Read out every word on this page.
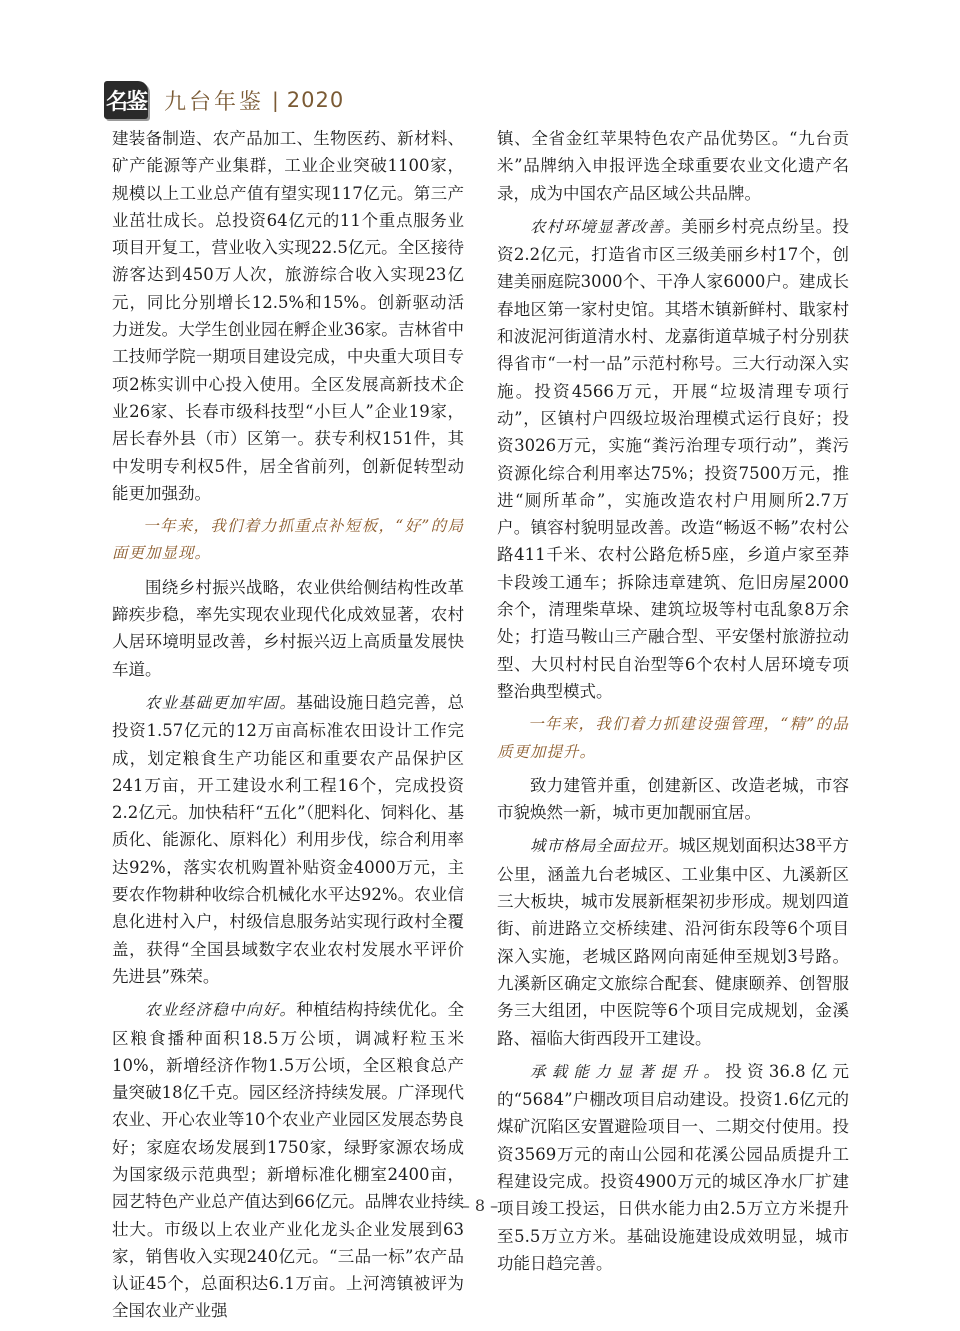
名鉴 九台年鉴 | 2020

建装备制造、农产品加工、生物医药、新材料、矿产能源等产业集群，工业企业突破1100家，规模以上工业总产值有望实现117亿元。第三产业茁壮成长。总投资64亿元的11个重点服务业项目开复工，营业收入实现22.5亿元。全区接待游客达到450万人次，旅游综合收入实现23亿元，同比分别增长12.5%和15%。创新驱动活力迸发。大学生创业园在孵企业36家。吉林省中工技师学院一期项目建设完成，中央重大项目专项2栋实训中心投入使用。全区发展高新技术企业26家、长春市级科技型“小巨人”企业19家，居长春外县（市）区第一。获专利权151件，其中发明专利权5件，居全省前列，创新促转型动能更加强劲。

一年来，我们着力抓重点补短板，“好”的局面更加显现。

围绕乡村振兴战略，农业供给侧结构性改革蹄疾步稳，率先实现农业现代化成效显著，农村人居环境明显改善，乡村振兴迈上高质量发展快车道。

农业基础更加牢固。基础设施日趋完善，总投资1.57亿元的12万亩高标准农田设计工作完成，划定粮食生产功能区和重要农产品保护区241万亩，开工建设水利工程16个，完成投资2.2亿元。加快秸秆“五化”（肥料化、饲料化、基质化、能源化、原料化）利用步伐，综合利用率达92%，落实农机购置补贴资金4000万元，主要农作物耕种收综合机械化水平达92%。农业信息化进村入户，村级信息服务站实现行政村全覆盖，获得“全国县域数字农业农村发展水平评价先进县”殊荣。

农业经济稳中向好。种植结构持续优化。全区粮食播种面积18.5万公顷，调减籽粒玉米10%，新增经济作物1.5万公顷，全区粮食总产量突破18亿千克。园区经济持续发展。广泽现代农业、开心农业等10个农业产业园区发展态势良好；家庭农场发展到1750家，绿野家源农场成为国家级示范典型；新增标准化棚室2400亩，园艺特色产业总产值达到66亿元。品牌农业持续壮大。市级以上农业产业化龙头企业发展到63家，销售收入实现240亿元。“三品一标”农产品认证45个，总面积达6.1万亩。上河湾镇被评为全国农业产业强

镇、全省金红苹果特色农产品优势区。“九台贡米”品牌纳入申报评选全球重要农业文化遗产名录，成为中国农产品区域公共品牌。

农村环境显著改善。美丽乡村亮点纷呈。投资2.2亿元，打造省市区三级美丽乡村17个，创建美丽庭院3000个、干净人家6000户。建成长春地区第一家村史馆。其塔木镇新鲜村、戢家村和波泥河街道清水村、龙嘉街道草城子村分别获得省市“一村一品”示范村称号。三大行动深入实施。投资4566万元，开展“垃圾清理专项行动”，区镇村户四级垃圾治理模式运行良好；投资3026万元，实施“粪污治理专项行动”，粪污资源化综合利用率达75%；投资7500万元，推进“厕所革命”，实施改造农村户用厕所2.7万户。镇容村貌明显改善。改造“畅返不畅”农村公路411千米、农村公路危桥5座，乡道卢家至莽卡段竣工通车；拆除违章建筑、危旧房屋2000余个，清理柴草垛、建筑垃圾等村屯乱象8万余处；打造马鞍山三产融合型、平安堡村旅游拉动型、大贝村村民自治型等6个农村人居环境专项整治典型模式。

一年来，我们着力抓建设强管理，“精”的品质更加提升。

致力建管并重，创建新区、改造老城，市容市貌焕然一新，城市更加靓丽宜居。

城市格局全面拉开。城区规划面积达38平方公里，涵盖九台老城区、工业集中区、九溪新区三大板块，城市发展新框架初步形成。规划四道街、前进路立交桥续建、沿河街东段等6个项目深入实施，老城区路网向南延伸至规划3号路。九溪新区确定文旅综合配套、健康颐养、创智服务三大组团，中医院等6个项目完成规划，金溪路、福临大街西段开工建设。

承载能力显著提升。投资36.8亿元的“5684”户棚改项目启动建设。投资1.6亿元的煤矿沉陷区安置避险项目一、二期交付使用。投资3569万元的南山公园和花溪公园品质提升工程建设完成。投资4900万元的城区净水厂扩建项目竣工投运，日供水能力由2.5万立方米提升至5.5万立方米。基础设施建设成效明显，城市功能日趋完善。

– 8 –
